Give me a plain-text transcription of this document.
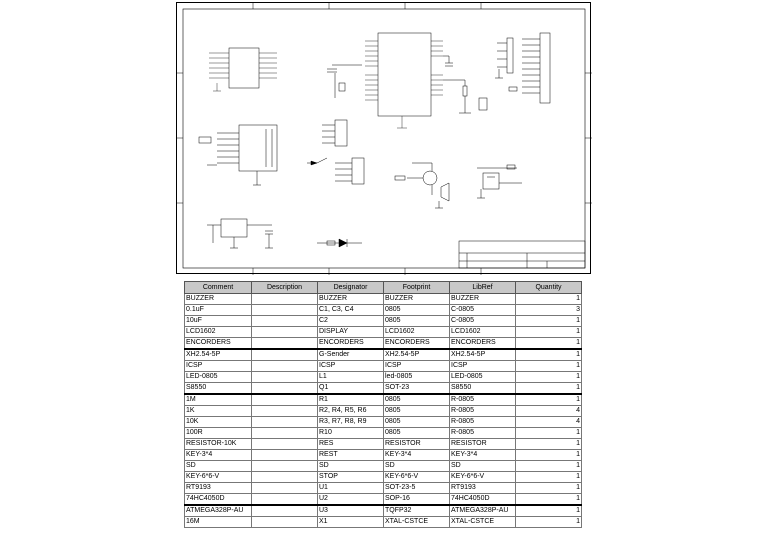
Comment	Description	Designator	Footprint	LibRef	Quantity
BUZZER		BUZZER	BUZZER	BUZZER	1
0.1uF		C1, C3, C4	0805	C-0805	3
10uF		C2	0805	C-0805	1
LCD1602		DISPLAY	LCD1602	LCD1602	1
ENCORDERS		ENCORDERS	ENCORDERS	ENCORDERS	1
XH2.54-5P		G-Sender	XH2.54-5P	XH2.54-5P	1
ICSP		ICSP	ICSP	ICSP	1
LED-0805		L1	led-0805	LED-0805	1
S8550		Q1	SOT-23	S8550	1
1M		R1	0805	R-0805	1
1K		R2, R4, R5, R6	0805	R-0805	4
10K		R3, R7, R8, R9	0805	R-0805	4
100R		R10	0805	R-0805	1
RESISTOR-10K		RES	RESISTOR	RESISTOR	1
KEY-3*4		REST	KEY-3*4	KEY-3*4	1
SD		SD	SD	SD	1
KEY-6*6-V		STOP	KEY-6*6-V	KEY-6*6-V	1
RT9193		U1	SOT-23-5	RT9193	1
74HC4050D		U2	SOP-16	74HC4050D	1
ATMEGA328P-AU		U3	TQFP32	ATMEGA328P-AU	1
16M		X1	XTAL-CSTCE	XTAL-CSTCE	1
